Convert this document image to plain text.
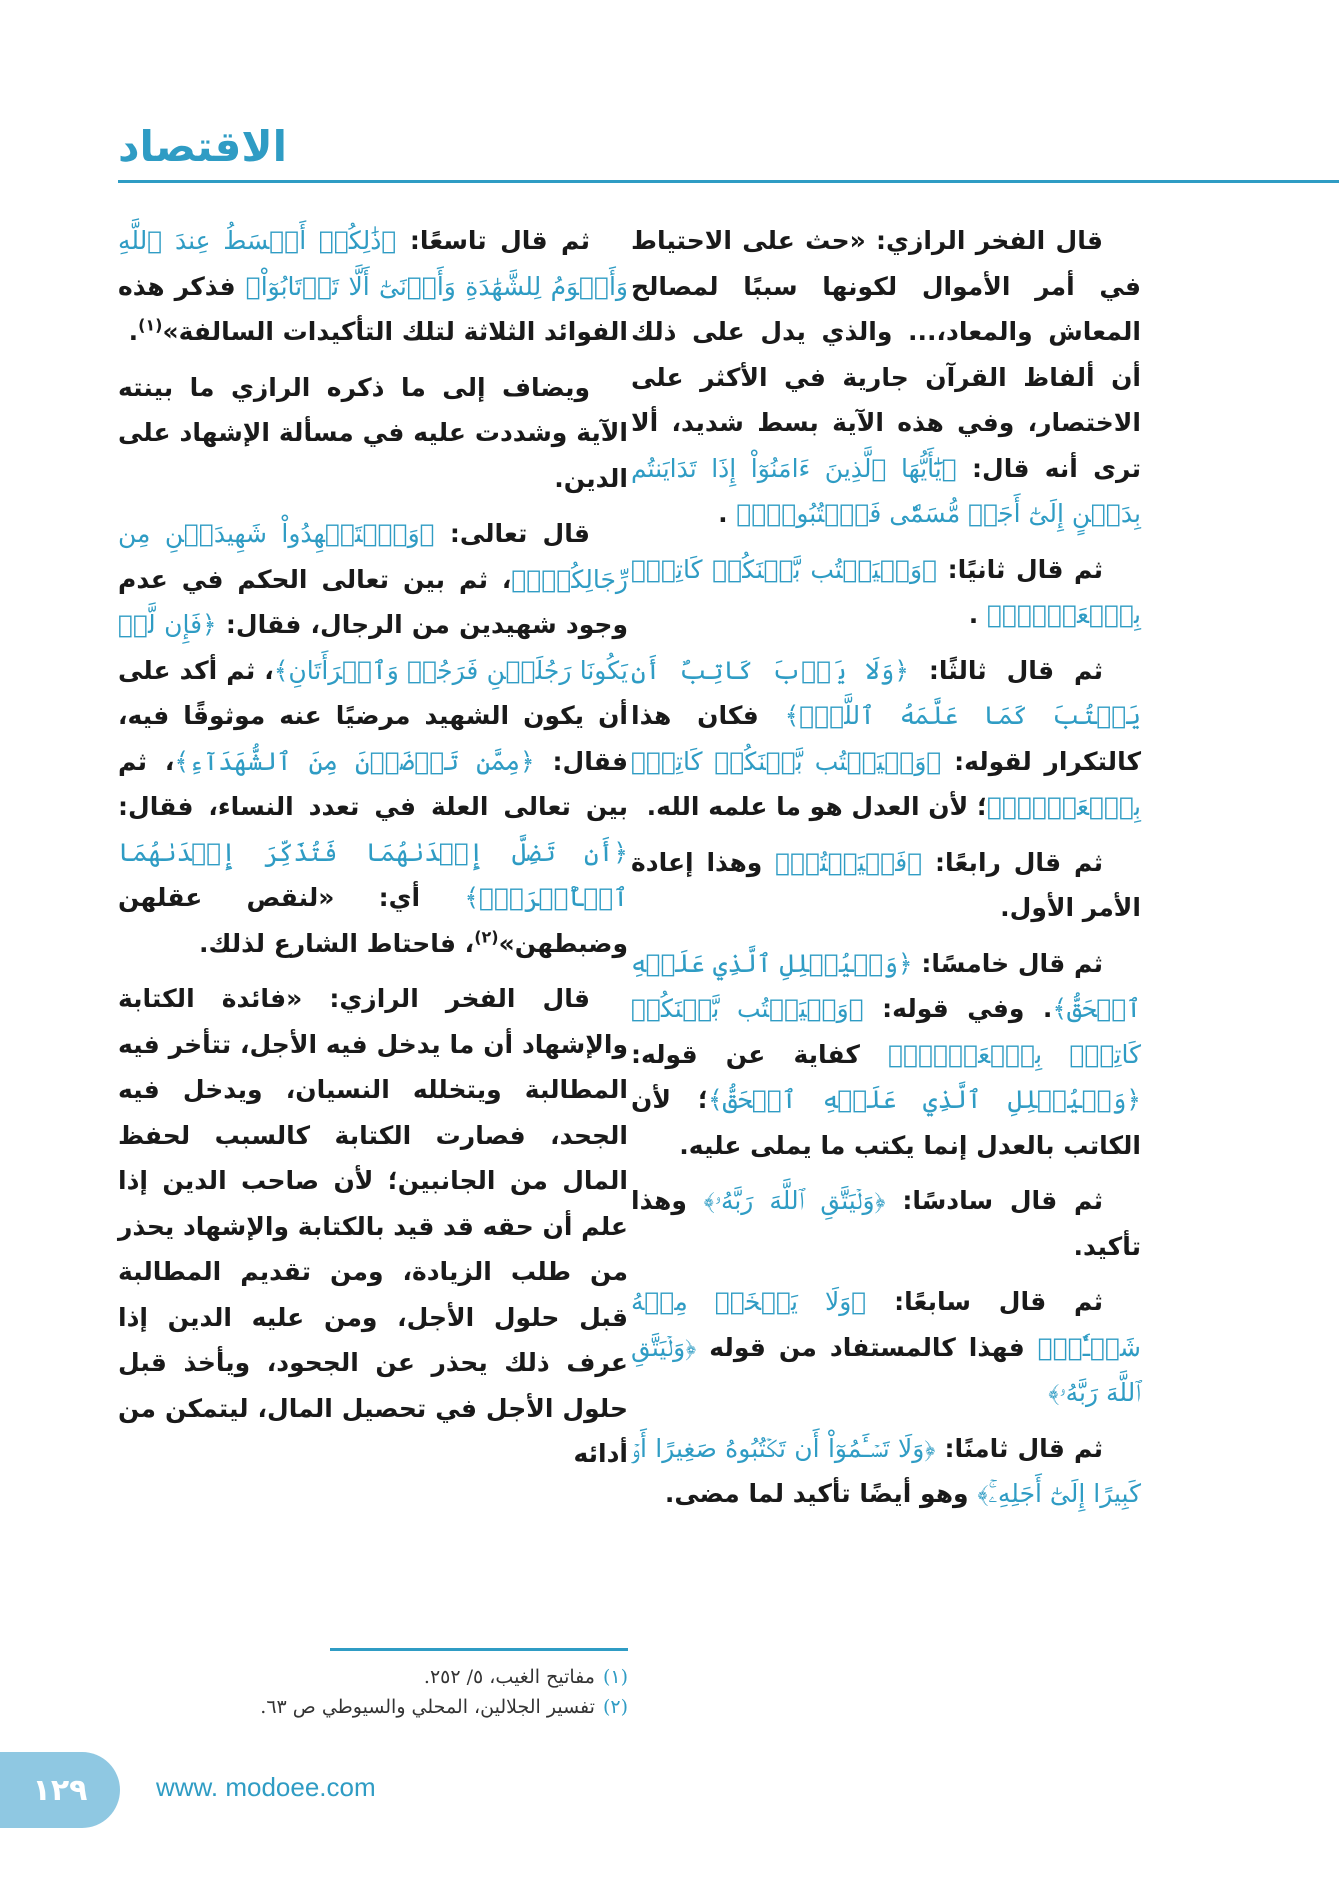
الاقتصاد

قال الفخر الرازي: «حث على الاحتياط في أمر الأموال لكونها سببًا لمصالح المعاش والمعاد،... والذي يدل على ذلك أن ألفاظ القرآن جارية في الأكثر على الاختصار، وفي هذه الآية بسط شديد، ألا ترى أنه قال: ﴿يَٰٓأَيُّهَا ٱلَّذِينَ ءَامَنُوٓاْ إِذَا تَدَايَنتُم بِدَيۡنٍ إِلَىٰٓ أَجَلٖ مُّسَمّٗى فَٱكۡتُبُوهُۚ﴾ .

ثم قال ثانيًا: ﴿وَلۡيَكۡتُب بَّيۡنَكُمۡ كَاتِبُۢ بِٱلۡعَدۡلِۚ﴾ .

ثم قال ثالثًا: ﴿وَلَا يَأۡبَ كَاتِبٌ أَن يَكۡتُبَ كَمَا عَلَّمَهُ ٱللَّهُۚ﴾ فكان هذا كالتكرار لقوله: ﴿وَلۡيَكۡتُب بَّيۡنَكُمۡ كَاتِبُۢ بِٱلۡعَدۡلِۚ﴾؛ لأن العدل هو ما علمه الله.

ثم قال رابعًا: ﴿فَلۡيَكۡتُبۡ﴾ وهذا إعادة الأمر الأول.

ثم قال خامسًا: ﴿وَلۡيُمۡلِلِ ٱلَّذِي عَلَيۡهِ ٱلۡحَقُّ﴾. وفي قوله: ﴿وَلۡيَكۡتُب بَّيۡنَكُمۡ كَاتِبُۢ بِٱلۡعَدۡلِۚ﴾ كفاية عن قوله: ﴿وَلۡيُمۡلِلِ ٱلَّذِي عَلَيۡهِ ٱلۡحَقُّ﴾؛ لأن الكاتب بالعدل إنما يكتب ما يملى عليه.

ثم قال سادسًا: ﴿وَلۡيَتَّقِ ٱللَّهَ رَبَّهُۥ﴾ وهذا تأكيد.

ثم قال سابعًا: ﴿وَلَا يَبۡخَسۡ مِنۡهُ شَيۡـٔٗاۚ﴾ فهذا كالمستفاد من قوله ﴿وَلۡيَتَّقِ ٱللَّهَ رَبَّهُۥ﴾

ثم قال ثامنًا: ﴿وَلَا تَسۡـَٔمُوٓاْ أَن تَكۡتُبُوهُ صَغِيرًا أَوۡ كَبِيرًا إِلَىٰٓ أَجَلِهِۦۚ﴾ وهو أيضًا تأكيد لما مضى.

ثم قال تاسعًا: ﴿ذَٰلِكُمۡ أَقۡسَطُ عِندَ ٱللَّهِ وَأَقۡوَمُ لِلشَّهَٰدَةِ وَأَدۡنَىٰٓ أَلَّا تَرۡتَابُوٓاْ﴾ فذكر هذه الفوائد الثلاثة لتلك التأكيدات السالفة»$^{(١)}$.

ويضاف إلى ما ذكره الرازي ما بينته الآية وشددت عليه في مسألة الإشهاد على الدين.

قال تعالى: ﴿وَٱسۡتَشۡهِدُواْ شَهِيدَيۡنِ مِن رِّجَالِكُمۡۖ﴾، ثم بين تعالى الحكم في عدم وجود شهيدين من الرجال، فقال: ﴿فَإِن لَّمۡ يَكُونَا رَجُلَيۡنِ فَرَجُلٞ وَٱمۡرَأَتَانِ﴾، ثم أكد على أن يكون الشهيد مرضيًا عنه موثوقًا فيه، فقال: ﴿مِمَّن تَرۡضَوۡنَ مِنَ ٱلشُّهَدَآءِ﴾، ثم بين تعالى العلة في تعدد النساء، فقال: ﴿أَن تَضِلَّ إِحۡدَىٰهُمَا فَتُذَكِّرَ إِحۡدَىٰهُمَا ٱلۡأُخۡرَىٰۚ﴾ أي: «لنقص عقلهن وضبطهن»$^{(٢)}$، فاحتاط الشارع لذلك.

قال الفخر الرازي: «فائدة الكتابة والإشهاد أن ما يدخل فيه الأجل، تتأخر فيه المطالبة ويتخلله النسيان، ويدخل فيه الجحد، فصارت الكتابة كالسبب لحفظ المال من الجانبين؛ لأن صاحب الدين إذا علم أن حقه قد قيد بالكتابة والإشهاد يحذر من طلب الزيادة، ومن تقديم المطالبة قبل حلول الأجل، ومن عليه الدين إذا عرف ذلك يحذر عن الجحود، ويأخذ قبل حلول الأجل في تحصيل المال، ليتمكن من أدائه

(١)مفاتيح الغيب، ٥/ ٢٥٢.
(٢)تفسير الجلالين، المحلي والسيوطي ص ٦٣.
١٢٩	www. modoee.com
